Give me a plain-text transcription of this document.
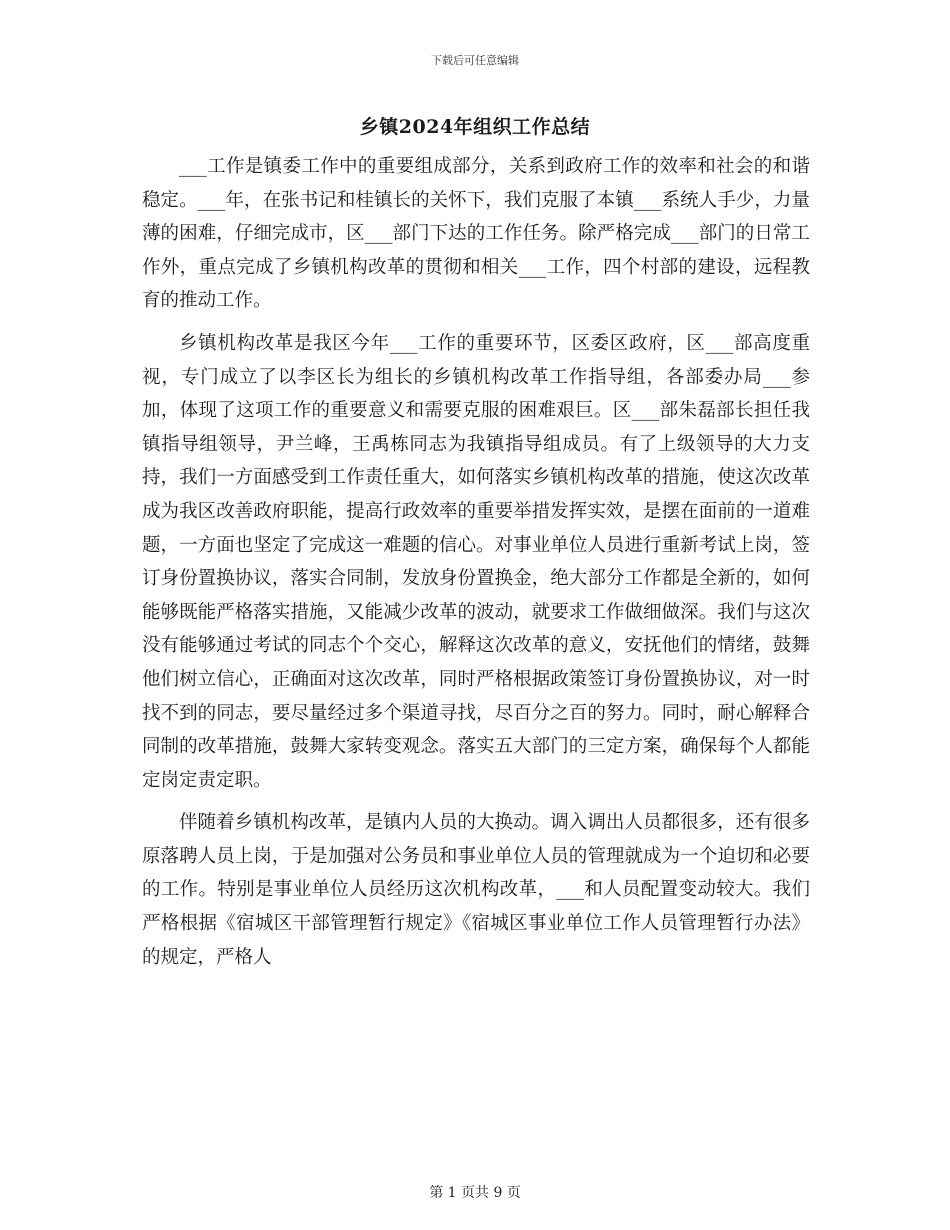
下载后可任意编辑
乡镇2024年组织工作总结

___工作是镇委工作中的重要组成部分，关系到政府工作的效率和社会的和谐稳定。___年，在张书记和桂镇长的关怀下，我们克服了本镇___系统人手少，力量薄的困难，仔细完成市，区___部门下达的工作任务。除严格完成___部门的日常工作外，重点完成了乡镇机构改革的贯彻和相关___工作，四个村部的建设，远程教育的推动工作。

乡镇机构改革是我区今年___工作的重要环节，区委区政府，区___部高度重视，专门成立了以李区长为组长的乡镇机构改革工作指导组，各部委办局___参加，体现了这项工作的重要意义和需要克服的困难艰巨。区___部朱磊部长担任我镇指导组领导，尹兰峰，王禹栋同志为我镇指导组成员。有了上级领导的大力支持，我们一方面感受到工作责任重大，如何落实乡镇机构改革的措施，使这次改革成为我区改善政府职能，提高行政效率的重要举措发挥实效，是摆在面前的一道难题，一方面也坚定了完成这一难题的信心。对事业单位人员进行重新考试上岗，签订身份置换协议，落实合同制，发放身份置换金，绝大部分工作都是全新的，如何能够既能严格落实措施，又能减少改革的波动，就要求工作做细做深。我们与这次没有能够通过考试的同志个个交心，解释这次改革的意义，安抚他们的情绪，鼓舞他们树立信心，正确面对这次改革，同时严格根据政策签订身份置换协议，对一时找不到的同志，要尽量经过多个渠道寻找，尽百分之百的努力。同时，耐心解释合同制的改革措施，鼓舞大家转变观念。落实五大部门的三定方案，确保每个人都能定岗定责定职。

伴随着乡镇机构改革，是镇内人员的大换动。调入调出人员都很多，还有很多原落聘人员上岗，于是加强对公务员和事业单位人员的管理就成为一个迫切和必要的工作。特别是事业单位人员经历这次机构改革，___和人员配置变动较大。我们严格根据《宿城区干部管理暂行规定》《宿城区事业单位工作人员管理暂行办法》的规定，严格人

第 1 页共 9 页
